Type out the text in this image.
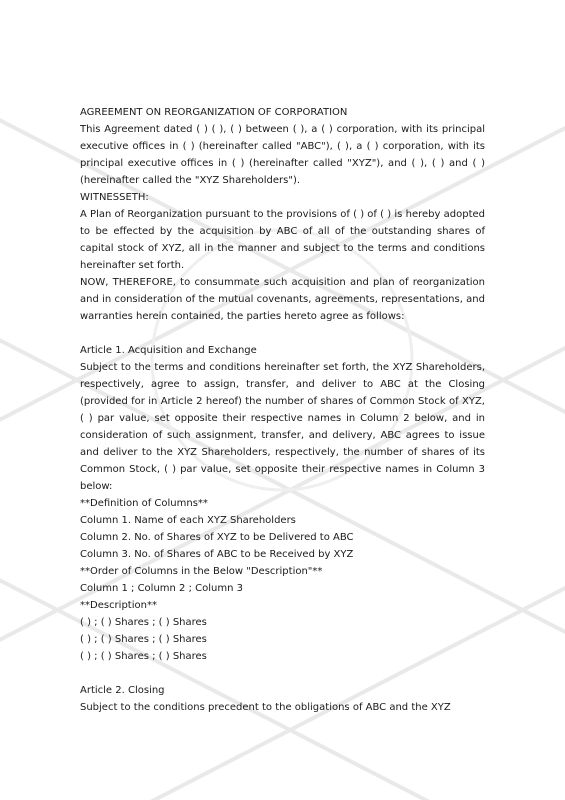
AGREEMENT ON REORGANIZATION OF CORPORATION

This Agreement dated ( ) ( ), ( ) between ( ), a ( ) corporation, with its principal executive offices in ( ) (hereinafter called "ABC"), ( ), a ( ) corporation, with its principal executive offices in ( ) (hereinafter called "XYZ"), and ( ), ( ) and ( ) (hereinafter called the "XYZ Shareholders").

WITNESSETH:

A Plan of Reorganization pursuant to the provisions of ( ) of ( ) is hereby adopted to be effected by the acquisition by ABC of all of the outstanding shares of capital stock of XYZ, all in the manner and subject to the terms and conditions hereinafter set forth.

NOW, THEREFORE, to consummate such acquisition and plan of reorganization and in consideration of the mutual covenants, agreements, representations, and warranties herein contained, the parties hereto agree as follows:

Article 1. Acquisition and Exchange

Subject to the terms and conditions hereinafter set forth, the XYZ Shareholders, respectively, agree to assign, transfer, and deliver to ABC at the Closing (provided for in Article 2 hereof) the number of shares of Common Stock of XYZ, ( ) par value, set opposite their respective names in Column 2 below, and in consideration of such assignment, transfer, and delivery, ABC agrees to issue and deliver to the XYZ Shareholders, respectively, the number of shares of its Common Stock, ( ) par value, set opposite their respective names in Column 3 below:

**Definition of Columns**

Column 1. Name of each XYZ Shareholders

Column 2. No. of Shares of XYZ to be Delivered to ABC

Column 3. No. of Shares of ABC to be Received by XYZ

**Order of Columns in the Below "Description"**

Column 1 ; Column 2 ; Column 3

**Description**

( ) ; ( ) Shares ; ( ) Shares

( ) ; ( ) Shares ; ( ) Shares

( ) ; ( ) Shares ; ( ) Shares

Article 2. Closing

Subject to the conditions precedent to the obligations of ABC and the XYZ
